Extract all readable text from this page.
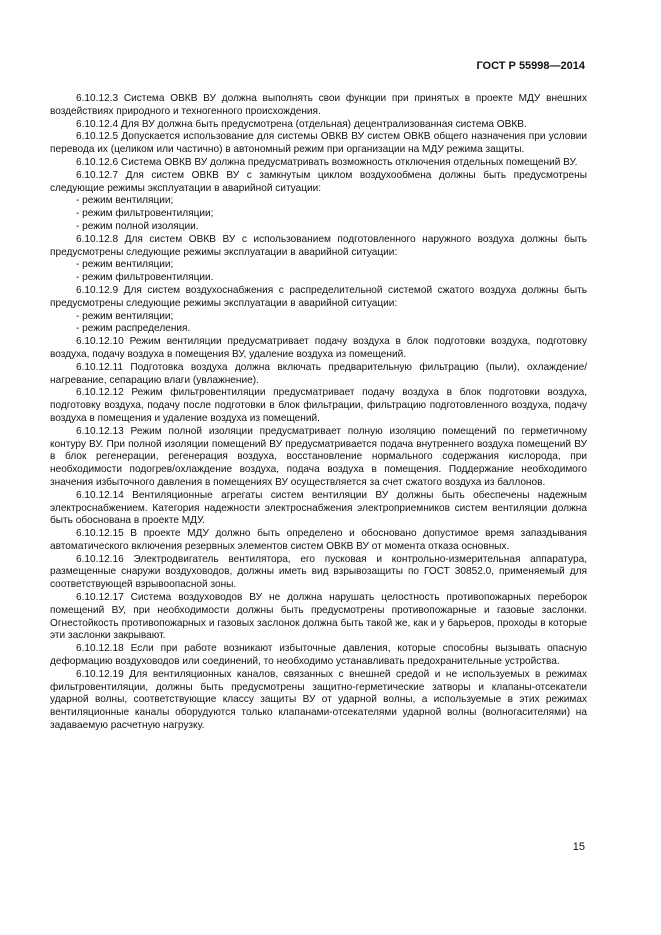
ГОСТ Р 55998—2014

6.10.12.3 Система ОВКВ ВУ должна выполнять свои функции при принятых в проекте МДУ внешних воздействиях природного и техногенного происхождения.

6.10.12.4 Для ВУ должна быть предусмотрена (отдельная) децентрализованная система ОВКВ.

6.10.12.5 Допускается использование для системы ОВКВ ВУ систем ОВКВ общего назначения при условии перевода их (целиком или частично) в автономный режим при организации на МДУ режима защиты.

6.10.12.6 Система ОВКВ ВУ должна предусматривать возможность отключения отдельных помещений ВУ.

6.10.12.7 Для систем ОВКВ ВУ с замкнутым циклом воздухообмена должны быть предусмотрены следующие режимы эксплуатации в аварийной ситуации:

- режим вентиляции;

- режим фильтровентиляции;

- режим полной изоляции.

6.10.12.8 Для систем ОВКВ ВУ с использованием подготовленного наружного воздуха должны быть предусмотрены следующие режимы эксплуатации в аварийной ситуации:

- режим вентиляции;

- режим фильтровентиляции.

6.10.12.9 Для систем воздухоснабжения с распределительной системой сжатого воздуха должны быть предусмотрены следующие режимы эксплуатации в аварийной ситуации:

- режим вентиляции;

- режим распределения.

6.10.12.10 Режим вентиляции предусматривает подачу воздуха в блок подготовки воздуха, подготовку воздуха, подачу воздуха в помещения ВУ, удаление воздуха из помещений.

6.10.12.11 Подготовка воздуха должна включать предварительную фильтрацию (пыли), охлаждение/нагревание, сепарацию влаги (увлажнение).

6.10.12.12 Режим фильтровентиляции предусматривает подачу воздуха в блок подготовки воздуха, подготовку воздуха, подачу после подготовки в блок фильтрации, фильтрацию подготовленного воздуха, подачу воздуха в помещения и удаление воздуха из помещений.

6.10.12.13 Режим полной изоляции предусматривает полную изоляцию помещений по герметичному контуру ВУ. При полной изоляции помещений ВУ предусматривается подача внутреннего воздуха помещений ВУ в блок регенерации, регенерация воздуха, восстановление нормального содержания кислорода, при необходимости подогрев/охлаждение воздуха, подача воздуха в помещения. Поддержание необходимого значения избыточного давления в помещениях ВУ осуществляется за счет сжатого воздуха из баллонов.

6.10.12.14 Вентиляционные агрегаты систем вентиляции ВУ должны быть обеспечены надежным электроснабжением. Категория надежности электроснабжения электроприемников систем вентиляции должна быть обоснована в проекте МДУ.

6.10.12.15 В проекте МДУ должно быть определено и обосновано допустимое время запаздывания автоматического включения резервных элементов систем ОВКВ ВУ от момента отказа основных.

6.10.12.16 Электродвигатель вентилятора, его пусковая и контрольно-измерительная аппаратура, размещенные снаружи воздуховодов, должны иметь вид взрывозащиты по ГОСТ 30852.0, применяемый для соответствующей взрывоопасной зоны.

6.10.12.17 Система воздуховодов ВУ не должна нарушать целостность противопожарных переборок помещений ВУ, при необходимости должны быть предусмотрены противопожарные и газовые заслонки. Огнестойкость противопожарных и газовых заслонок должна быть такой же, как и у барьеров, проходы в которые эти заслонки закрывают.

6.10.12.18 Если при работе возникают избыточные давления, которые способны вызывать опасную деформацию воздуховодов или соединений, то необходимо устанавливать предохранительные устройства.

6.10.12.19 Для вентиляционных каналов, связанных с внешней средой и не используемых в режимах фильтровентиляции, должны быть предусмотрены защитно-герметические затворы и клапаны-отсекатели ударной волны, соответствующие классу защиты ВУ от ударной волны, а используемые в этих режимах вентиляционные каналы оборудуются только клапанами-отсекателями ударной волны (волногасителями) на задаваемую расчетную нагрузку.

15
